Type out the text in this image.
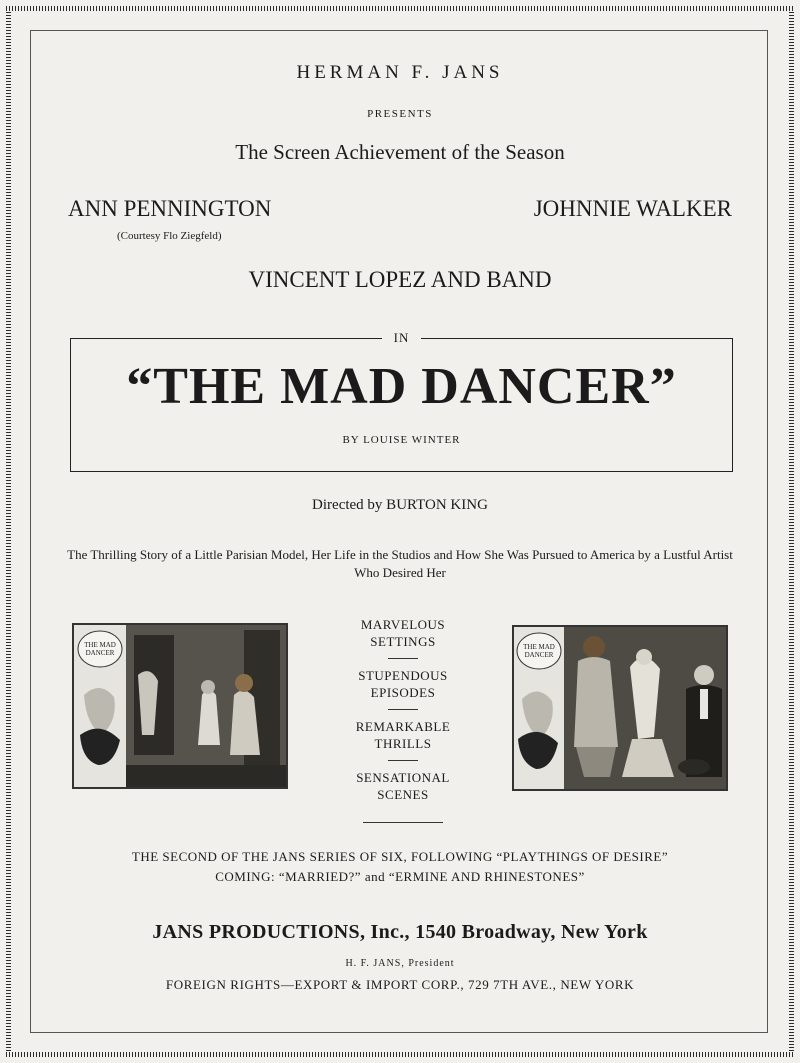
HERMAN F. JANS
PRESENTS
The Screen Achievement of the Season
ANN PENNINGTON
(Courtesy Flo Ziegfeld)
JOHNNIE WALKER
VINCENT LOPEZ AND BAND
IN
“THE MAD DANCER”
BY LOUISE WINTER
Directed by BURTON KING
The Thrilling Story of a Little Parisian Model, Her Life in the Studios and How She Was Pursued to America by a Lustful Artist Who Desired Her
THE MAD
DANCER
MARVELOUS
SETTINGS
STUPENDOUS
EPISODES
REMARKABLE
THRILLS
SENSATIONAL
SCENES
THE MAD
DANCER
THE SECOND OF THE JANS SERIES OF SIX, FOLLOWING “PLAYTHINGS OF DESIRE”
COMING: “MARRIED?” and “ERMINE AND RHINESTONES”
JANS PRODUCTIONS, Inc., 1540 Broadway, New York
H. F. JANS, President
FOREIGN RIGHTS—EXPORT & IMPORT CORP., 729 7TH AVE., NEW YORK
